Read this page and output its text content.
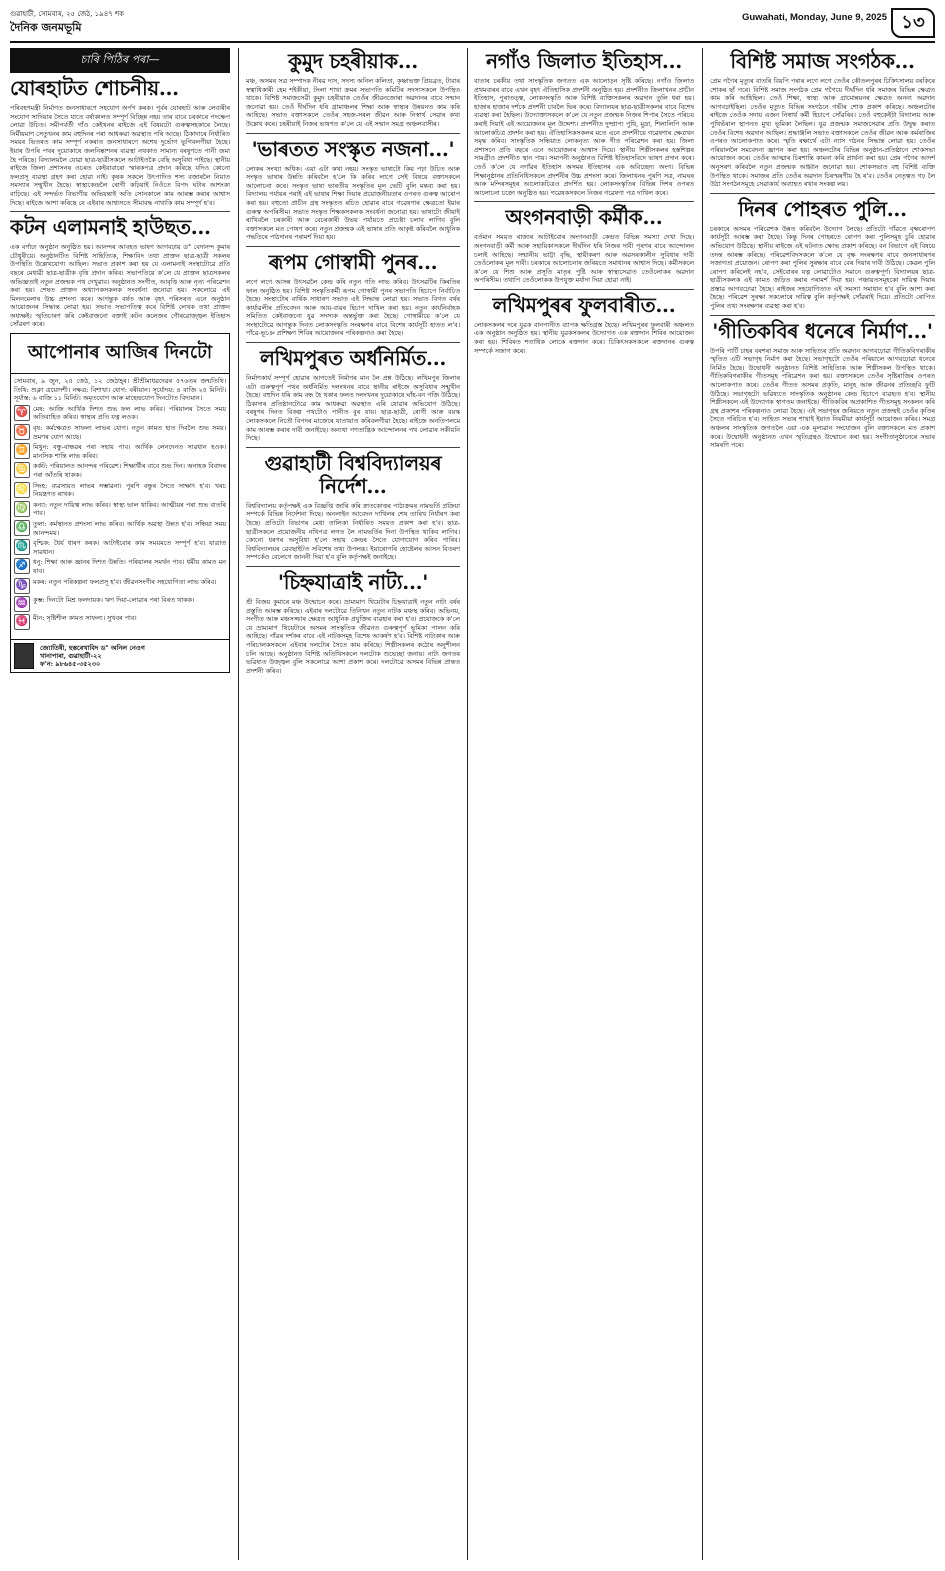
গুৱাহাটী, সোমবাৰ, ২৫ জেঠ, ১৯৪৭ শক
দৈনিক জনমভূমি
Guwahati, Monday, June 9, 2025 ১৩
চাৰি পিঠিৰ পৰা—
যোৰহাটত শোচনীয়...

পৰিবহণমন্ত্ৰী নিৰ্মাণত জনসাধাৰণে সহযোগ অৰ্পণ কৰক। পূৰ্বৰ যোৰহাট আৰু লেবাৰীৰ সংযোগ সাদিয়াৰ সৈতে যাতে বৰ্ষাকালত সম্পূৰ্ণ বিচ্ছিন্ন নহয় তাৰ বাবে চৰকাৰে পদক্ষেপ লোৱা উচিত। সমীপৰ্বৰ্তী গাঁও কেইখনৰ ৰাইজে এই বিষয়টো গুৰুত্বসহকাৰে লৈছে। নিৰ্মীয়মাণ সেতুখনৰ কাম বহুদিনৰ পৰা আধৰুৱা অৱস্থাত পৰি আছে। ঠিকাদাৰে নিৰ্ধাৰিত সময়ৰ ভিতৰত কাম সম্পূৰ্ণ নকৰাত জনসাধাৰণে অশেষ দুৰ্ভোগ ভুগিবলগীয়া হৈছে। ইয়াৰ উপৰি পথৰ দুয়োকাষে জলনিষ্কাশনৰ ব্যৱস্থা নথকাত সামান্য বৰষুণতে পানী জমা হৈ পৰিছে। বিদ্যালয়লৈ যোৱা ছাত্ৰ-ছাত্ৰীসকলে আটাইতকৈ বেছি অসুবিধা পাইছে। স্থানীয় ৰাইজে জিলা প্ৰশাসনৰ ওচৰত কেইবাবাৰো স্মাৰকপত্ৰ প্ৰদান কৰিছে যদিও কোনো ফলপ্ৰসূ ব্যৱস্থা গ্ৰহণ কৰা হোৱা নাই। কৃষক সকলে উৎপাদিত শস্য বজাৰলৈ নিয়াত সমস্যাৰ সন্মুখীন হৈছে। স্বাস্থ্যকেন্দ্ৰলৈ ৰোগী কঢ়িয়াই নিওঁতে বিপদ ঘটাৰ আশংকা বাঢ়িছে। এই সন্দৰ্ভত বিভাগীয় অভিযন্তাই অতি সোনকালে কাম আৰম্ভ কৰাৰ আশ্বাস দিছে। ৰাইজে আশা কৰিছে যে এইবাৰ আশ্বাসতে সীমাবদ্ধ নাথাকি কাম সম্পূৰ্ণ হ'ব।

কটন এলামনাই হাউছত...

এক বৰ্ণাঢ্য অনুষ্ঠান অনুষ্ঠিত হয়। আনন্দৰ আবহত ভাষণ আগবঢ়ায় ড° বেদানন্দ কুমাৰ চৌধুৰীয়ে। অনুষ্ঠানটিত বিশিষ্ট সাহিত্যিক, শিক্ষাবিদ তথা প্ৰাক্তন ছাত্ৰ-ছাত্ৰী সকলৰ উপস্থিতি উল্লেখযোগ্য আছিল। সভাত প্ৰকাশ কৰা হয় যে এলামনাই সংস্থাটোৱে প্ৰতি বছৰে মেধাৱী ছাত্ৰ-ছাত্ৰীক বৃত্তি প্ৰদান কৰিব। সভাপতিয়ে ক'লে যে প্ৰাক্তন ছাত্ৰসকলৰ অভিজ্ঞতাই নতুন প্ৰজন্মক পথ দেখুৱাব। অনুষ্ঠানত সংগীত, আবৃত্তি আৰু নৃত্য পৰিৱেশন কৰা হয়। শেষত প্ৰাক্তন অধ্যাপকসকলক সংবৰ্ধনা জনোৱা হয়। সকলোৱে এই মিলনমেলাৰ উচ্চ প্ৰশংসা কৰে। আগন্তুক বৰ্ষত আৰু বৃহৎ পৰিসৰত এনে অনুষ্ঠান আয়োজনৰ সিদ্ধান্ত লোৱা হয়। সভাত সভাপতিত্ব কৰে বিশিষ্ট লেখক তথা প্ৰাক্তন অধ্যক্ষই। স্মৃতিচাৰণ কৰি কেইবাজনো বক্তাই কটন কলেজৰ গৌৰৱোজ্জ্বল ইতিহাস সোঁৱৰণ কৰে।

আপোনাৰ আজিৰ দিনটো

সোমবাৰ, ৯ জুন, ২৫ জেঠ, ১২ জেঠাহ্‌ৰ। শ্ৰীশ্ৰীমাধৱদেৱৰ ৫৭৬তম জন্মতিথি। তিথি: শুক্লা ত্ৰয়োদশী। নক্ষত্ৰ: বিশাখা। যোগ: বৰীয়ান। সূৰ্যোদয়: ৪ বাজি ২৫ মিনিট। সূৰ্যাস্ত: ৬ বাজি ১১ মিনিট। অমৃতযোগ আৰু মাহেন্দ্ৰযোগ দিনটোত বিদ্যমান।

♈ মেষ: আজি আৰ্থিক দিশত শুভ ফল লাভ কৰিব। পৰিয়ালৰ সৈতে সময় অতিবাহিত কৰিব। স্বাস্থ্যৰ প্ৰতি যত্ন লওক।

♉ বৃষ: কৰ্মক্ষেত্ৰত সাফল্য লাভৰ যোগ। নতুন কামত হাত দিবলৈ শুভ সময়। ভ্ৰমণৰ যোগ আছে।

♊ মিথুন: বন্ধু-বান্ধৱৰ পৰা সহায় পাব। আৰ্থিক লেনদেনত সাৱধান হওক। মানসিক শান্তি লাভ কৰিব।

♋ কৰ্কট: পৰিয়ালত আনন্দৰ পৰিৱেশ। শিক্ষাৰ্থীৰ বাবে শুভ দিন। অনাহক বিবাদৰ পৰা আঁতৰি থাকক।

♌ সিংহ: ব্যৱসায়ত লাভৰ সম্ভাৱনা। পুৰণি বন্ধুৰ সৈতে সাক্ষাৎ হ'ব। খৰচ নিয়ন্ত্ৰণত ৰাখক।

♍ কন্যা: নতুন দায়িত্ব লাভ কৰিব। স্বাস্থ্য ভাল থাকিব। আত্মীয়ৰ পৰা শুভ বাতৰি পাব।

♎ তুলা: কৰ্মস্থানত প্ৰশংসা লাভ কৰিব। আৰ্থিক অৱস্থা উন্নত হ'ব। সন্ধিয়া সময় আনন্দময়।

♏ বৃশ্চিক: ধৈৰ্য ধাৰণ কৰক। আটাইবোৰ কাম সময়মতে সম্পূৰ্ণ হ'ব। যাত্ৰাত সাৱধান।

♐ ধনু: শিক্ষা আৰু জ্ঞানৰ দিশত উন্নতি। পৰিয়ালৰ সমৰ্থন পাব। ধৰ্মীয় কামত মন যাব।

♑ মকৰ: নতুন পৰিকল্পনা ফলপ্ৰসূ হ'ব। জীৱনসংগীৰ সহযোগিতা লাভ কৰিব।

♒ কুম্ভ: দিনটো মিশ্ৰ ফলদায়ক। ঋণ দিয়া-লোৱাৰ পৰা বিৰত থাকক।

♓ মীন: সৃষ্টিশীল কামত সাফল্য। সুখবৰ পাব।

জ্যোতিষী, হস্তৰেখাবিদ ড° অনিল নেওগ
খানাপাৰা, গুৱাহাটী-২২
ফ'ন: ৯৮৬৪৫-৩৫২৩০
কুমুদ চহৰীয়াক...

মঞ্চ, অসমৰ সত্ৰ সম্পাদক নীৰৱ দাস, সদস্য অনিল কলিতা, কৃষ্ণাভক্ত প্ৰিয়ব্ৰত, টাবাৰ স্বত্বাধিকাৰী হেম শইকীয়া, টংলা শাখা ক্ৰমৰ সভাপতি কমিটিৰ সদস্যসকলে উপস্থিত থাকে। বিশিষ্ট সমাজসেৱী কুমুদ চহৰীয়াক তেওঁৰ জীৱনজোৰা অৱদানৰ বাবে সন্মান জনোৱা হয়। তেওঁ দীৰ্ঘদিন ধৰি গ্ৰামাঞ্চলৰ শিক্ষা আৰু স্বাস্থ্যৰ উন্নয়নত কাম কৰি আহিছে। সভাত বক্তাসকলে তেওঁৰ সহজ-সৰল জীৱন আৰু নিস্বাৰ্থ সেৱাৰ কথা উল্লেখ কৰে। চহৰীয়াই নিজৰ ভাষণত ক'লে যে এই সন্মান সমগ্ৰ অঞ্চলবাসীৰ।

'ভাৰতত সংস্কৃত নজনা...'

লোকৰ সংখ্যা অধিক। এয়া এটা কথা নহয়। সংস্কৃত ভাষাটো কিয় পঢ়া উচিত আৰু সংস্কৃত ভাষাৰ উন্নতি কৰিবলৈ হ'লে কি কৰিব লাগে সেই বিষয়ে বক্তাসকলে আলোচনা কৰে। সংস্কৃত ভাষা ভাৰতীয় সংস্কৃতিৰ মূল ভেটি বুলি মন্তব্য কৰা হয়। বিদ্যালয় পৰ্যায়ৰ পৰাই এই ভাষাৰ শিক্ষা দিয়াৰ প্ৰয়োজনীয়তাৰ ওপৰত গুৰুত্ব আৰোপ কৰা হয়। বহুতো প্ৰাচীন গ্ৰন্থ সংস্কৃতত ৰচিত হোৱাৰ বাবে গৱেষণাৰ ক্ষেত্ৰতো ইয়াৰ গুৰুত্ব অপৰিসীম। সভাত সংস্কৃত শিক্ষকসকলক সংবৰ্ধনা জনোৱা হয়। ভাষাটো জীয়াই ৰাখিবলৈ চৰকাৰী আৰু বেচৰকাৰী উভয় পৰ্যায়তে প্ৰচেষ্টা চলাব লাগিব বুলি বক্তাসকলে মত পোষণ কৰে। নতুন প্ৰজন্মক এই ভাষাৰ প্ৰতি আকৃষ্ট কৰিবলৈ আধুনিক পদ্ধতিৰে পাঠদানৰ পৰামৰ্শ দিয়া হয়।

ৰূপম গোস্বামী পুনৰ...

লগে লগে আসন্ন উৎসৱলৈ কেন্দ্ৰ কৰি নতুন গতি লাভ কৰিব। উৎসৱটিৰ কিৰতিৰ ফাল অনুষ্ঠিত হয়। বিশিষ্ট সংস্কৃতিকৰ্মী ৰূপম গোস্বামী পুনৰ সভাপতি হিচাপে নিৰ্বাচিত হৈছে। সংস্থাটোৰ বাৰ্ষিক সাধাৰণ সভাত এই সিদ্ধান্ত লোৱা হয়। সভাত বিগত বৰ্ষৰ কাৰ্যাৱলীৰ প্ৰতিবেদন আৰু আয়-ব্যয়ৰ হিচাপ দাখিল কৰা হয়। নতুন কাৰ্যনিৰ্বাহক সমিতিত কেইবাজনো যুৱ সদস্যক অন্তৰ্ভুক্ত কৰা হৈছে। গোস্বামীয়ে ক'লে যে সংস্থাটোৱে আগন্তুক দিনত লোকসংস্কৃতি সংৰক্ষণৰ বাবে বিশেষ কাৰ্যসূচী হাতত ল'ব। গাঁৱে-ভূঞে প্ৰশিক্ষণ শিবিৰ আয়োজনৰ পৰিকল্পনাও কৰা হৈছে।

লখিমপুৰত অৰ্ধনিৰ্মিত...

নিৰ্মাণকাৰ্য সম্পূৰ্ণ হোৱাৰ আগতেই নিৰ্মাণৰ মান লৈ প্ৰশ্ন উঠিছে। লখিমপুৰ জিলাৰ এটা গুৰুত্বপূৰ্ণ পথৰ অৰ্ধনিৰ্মিত দলংখনৰ বাবে স্থানীয় ৰাইজে অসুবিধাৰ সন্মুখীন হৈছে। বহুদিন ধৰি কাম বন্ধ হৈ থকাৰ ফলত দলংখনৰ দুয়োকাষে ঘাঁহ-বন গজি উঠিছে। ঠিকাদাৰ প্ৰতিষ্ঠানটোৱে কাম আধৰুৱা অৱস্থাত এৰি যোৱাৰ অভিযোগ উঠিছে। বৰষুণৰ দিনত বিকল্প পথটোও পানীত বুৰ যায়। ছাত্ৰ-ছাত্ৰী, ৰোগী আৰু বয়স্ক লোকসকলে নিতৌ বিপদৰ মাজেৰে যাতায়াত কৰিবলগীয়া হৈছে। ৰাইজে অনতিপলমে কাম আৰম্ভ কৰাৰ দাবী জনাইছে। অন্যথা গণতান্ত্ৰিক আন্দোলনৰ পথ লোৱাৰ সকীয়নি দিছে।

গুৱাহাটী বিশ্ববিদ্যালয়ৰ নিৰ্দেশ...

বিশ্ববিদ্যালয় কৰ্তৃপক্ষই এক বিজ্ঞপ্তি জাৰি কৰি স্নাতকোত্তৰ পাঠ্যক্ৰমৰ নামভৰ্তি প্ৰক্ৰিয়া সম্পৰ্কে বিভিন্ন নিৰ্দেশনা দিছে। অনলাইন আবেদন দাখিলৰ শেষ তাৰিখ নিৰ্ধাৰণ কৰা হৈছে। প্ৰতিটো বিভাগৰ মেধা তালিকা নিৰ্ধাৰিত সময়ত প্ৰকাশ কৰা হ'ব। ছাত্ৰ-ছাত্ৰীসকলে প্ৰয়োজনীয় নথিপত্ৰ লগত লৈ নামভৰ্তিৰ দিনা উপস্থিত থাকিব লাগিব। কোনো ধৰণৰ অসুবিধা হ'লে সহায় কেন্দ্ৰৰ সৈতে যোগাযোগ কৰিব পাৰিব। বিশ্ববিদ্যালয়ৰ ৱেবছাইটত সবিশেষ তথ্য উপলব্ধ। ইয়াৰোপৰি হোষ্টেলৰ আসন বিতৰণ সম্পৰ্কেও বেলেগে জাননী দিয়া হ'ব বুলি কৰ্তৃপক্ষই জনাইছে।

'চিহ্নযাত্ৰাই নাট্য...'

শ্ৰী বিজয় কুমাৰে মঞ্চ উন্মোচন কৰে। ভ্ৰাম্যমাণ থিয়েটাৰ চিহ্নযাত্ৰাই নতুন নাট্য বৰ্ষৰ প্ৰস্তুতি আৰম্ভ কৰিছে। এইবাৰ দলটোৱে তিনিখন নতুন নাটক মঞ্চস্থ কৰিব। অভিনয়, সংগীত আৰু মঞ্চসজ্জাৰ ক্ষেত্ৰত আধুনিক প্ৰযুক্তিৰ ব্যৱহাৰ কৰা হ'ব। প্ৰযোজকে ক'লে যে ভ্ৰাম্যমাণ থিয়েটাৰে অসমৰ সাংস্কৃতিক জীৱনত গুৰুত্বপূৰ্ণ ভূমিকা পালন কৰি আহিছে। গাঁৱৰ দৰ্শকৰ বাবে এই নাটকসমূহ বিশেষ আকৰ্ষণ হ'ব। বিশিষ্ট নাট্যকাৰ আৰু পৰিচালকসকলে এইবাৰ দলটোৰ সৈতে কাম কৰিছে। শিল্পীসকলৰ কঠোৰ অনুশীলন চলি আছে। অনুষ্ঠানত বিশিষ্ট অতিথিসকলে দলটোক শুভেচ্ছা জনায়। নাট্য জগতৰ ভৱিষ্যত উজ্জ্বল বুলি সকলোৱে আশা প্ৰকাশ কৰে। দলটোৱে অসমৰ বিভিন্ন প্ৰান্তত প্ৰদৰ্শনী কৰিব।

নগাঁও জিলাত ইতিহাস...

বাতাৰ চৰকীয় তথা সাংস্কৃতিক জগতত এক আলোড়ন সৃষ্টি কৰিছে। নগাঁও জিলাত প্ৰথমবাৰৰ বাবে এখন বৃহৎ ঐতিহাসিক প্ৰদৰ্শনী অনুষ্ঠিত হয়। প্ৰদৰ্শনীত জিলাখনৰ প্ৰাচীন ইতিহাস, পুৰাতত্ত্ব, লোকসংস্কৃতি আৰু বিশিষ্ট ব্যক্তিসকলৰ অৱদান তুলি ধৰা হয়। হাজাৰ হাজাৰ দৰ্শকে প্ৰদৰ্শনী চাবলৈ ভিৰ কৰে। বিদ্যালয়ৰ ছাত্ৰ-ছাত্ৰীসকলৰ বাবে বিশেষ ব্যৱস্থা কৰা হৈছিল। উদ্যোক্তাসকলে ক'লে যে নতুন প্ৰজন্মক নিজৰ শিপাৰ সৈতে পৰিচয় কৰাই দিয়াই এই আয়োজনৰ মূল উদ্দেশ্য। প্ৰদৰ্শনীত দুষ্প্ৰাপ্য পুথি, মুদ্ৰা, শিলালিপি আৰু আলোকচিত্ৰ প্ৰদৰ্শন কৰা হয়। ঐতিহাসিকসকলৰ মতে এনে প্ৰদৰ্শনীয়ে গৱেষণাৰ ক্ষেত্ৰখন সমৃদ্ধ কৰিব। সাংস্কৃতিক সন্ধিয়াত লোকনৃত্য আৰু গীত পৰিৱেশন কৰা হয়। জিলা প্ৰশাসনে প্ৰতি বছৰে এনে আয়োজনৰ আশ্বাস দিয়ে। স্থানীয় শিল্পীসকলৰ হস্তশিল্পৰ সামগ্ৰীও প্ৰদৰ্শনীত স্থান পায়। সমাপনী অনুষ্ঠানত বিশিষ্ট ইতিহাসবিদে ভাষণ প্ৰদান কৰে। তেওঁ ক'লে যে নগাঁৱৰ ইতিহাস অসমৰ ইতিহাসৰ এক অবিচ্ছেদ্য অংগ। বিভিন্ন শিক্ষানুষ্ঠানৰ প্ৰতিনিধিসকলে প্ৰদৰ্শনীৰ উচ্চ প্ৰশংসা কৰে। জিলাখনৰ পুৰণি সত্ৰ, নামঘৰ আৰু মন্দিৰসমূহৰ আলোকচিত্ৰও প্ৰদৰ্শিত হয়। লোকসংস্কৃতিৰ বিভিন্ন দিশৰ ওপৰত আলোচনা চক্ৰো অনুষ্ঠিত হয়। গৱেষকসকলে নিজৰ গৱেষণা পত্ৰ দাখিল কৰে।

অংগনবাড়ী কৰ্মীক...

বৰ্তমান সময়ত ৰাজ্যৰ আটাইবোৰ অংগনবাড়ী কেন্দ্ৰত বিভিন্ন সমস্যা দেখা দিছে। অংগনবাড়ী কৰ্মী আৰু সহায়িকাসকলে দীৰ্ঘদিন ধৰি নিজৰ দাবী পূৰণৰ বাবে আন্দোলন চলাই আহিছে। সন্মানীয় ভাট্টা বৃদ্ধি, স্থায়ীকৰণ আৰু অৱসৰকালীন সুবিধাৰ দাবী তেওঁলোকৰ মূল দাবী। চৰকাৰে আলোচনাৰ জৰিয়তে সমাধানৰ আশ্বাস দিছে। কৰ্মীসকলে ক'লে যে শিশু আৰু প্ৰসূতি মাতৃৰ পুষ্টি আৰু স্বাস্থ্যসেৱাত তেওঁলোকৰ অৱদান অপৰিসীম। তথাপি তেওঁলোকক উপযুক্ত মৰ্যাদা দিয়া হোৱা নাই।

লখিমপুৰৰ ফুলবাৰীত...

লোকসকলৰ দৰে যুৱক বানপানীত ব্যাপক ক্ষতিগ্ৰস্ত হৈছে। লখিমপুৰৰ ফুলবাৰী অঞ্চলত এক অনুষ্ঠান অনুষ্ঠিত হয়। স্থানীয় যুৱকসকলৰ উদ্যোগত এক ৰক্তদান শিবিৰ আয়োজন কৰা হয়। শিবিৰত শতাধিক লোকে ৰক্তদান কৰে। চিকিৎসকসকলে ৰক্তদানৰ গুৰুত্ব সম্পৰ্কে সজাগ কৰে।

বিশিষ্ট সমাজ সংগঠক...

প্ৰেম গগৈৰ মৃত্যুৰ বাতৰি বিয়পি পৰাৰ লগে লগে তেওঁৰ কৌতলপুৰৰ চিকিৎসালয় বৰকিৰে শোকৰ ছাঁ পৰে। বিশিষ্ট সমাজ সংগঠক প্ৰেম গগৈয়ে দীৰ্ঘদিন ধৰি সমাজৰ বিভিন্ন ক্ষেত্ৰত কাম কৰি আহিছিল। তেওঁ শিক্ষা, স্বাস্থ্য আৰু গ্ৰামোন্নয়নৰ ক্ষেত্ৰত অনন্য অৱদান আগবঢ়াইছিল। তেওঁৰ মৃত্যুত বিভিন্ন সংগঠনে গভীৰ শোক প্ৰকাশ কৰিছে। অঞ্চলটোৰ ৰাইজে তেওঁক সদায় এজন নিস্বাৰ্থ কৰ্মী হিচাপে সোঁৱৰিব। তেওঁ বহুকেইটা বিদ্যালয় আৰু পুথিভঁৰাল স্থাপনত মুখ্য ভূমিকা লৈছিল। যুৱ প্ৰজন্মক সমাজসেৱাৰ প্ৰতি উদ্বুদ্ধ কৰাত তেওঁৰ বিশেষ অৱদান আছিল। শ্ৰদ্ধাঞ্জলি সভাত বক্তাসকলে তেওঁৰ জীৱন আৰু কৰ্মৰাজিৰ ওপৰত আলোকপাত কৰে। স্মৃতি ৰক্ষাৰ্থে এটা ন্যাস গঠনৰ সিদ্ধান্ত লোৱা হয়। তেওঁৰ পৰিয়াললৈ সমবেদনা জ্ঞাপন কৰা হয়। অঞ্চলটোৰ বিভিন্ন অনুষ্ঠান-প্ৰতিষ্ঠানে শোকসভা আয়োজন কৰে। তেওঁৰ আত্মাৰ চিৰশান্তি কামনা কৰি প্ৰাৰ্থনা কৰা হয়। প্ৰেম গগৈৰ আদৰ্শ অনুসৰণ কৰিবলৈ নতুন প্ৰজন্মক আহ্বান জনোৱা হয়। শোকসভাত বহু বিশিষ্ট ব্যক্তি উপস্থিত থাকে। সমাজৰ প্ৰতি তেওঁৰ অৱদান চিৰস্মৰণীয় হৈ ৰ'ব। তেওঁৰ নেতৃত্বত গঢ় লৈ উঠা সংগঠনসমূহে সেৱাকাৰ্য অব্যাহত ৰখাৰ সংকল্প লয়।

দিনৰ পোহৰত পুলি...

চৰকাৰে অসমৰ পৰিৱেশক উন্নত কৰিবলৈ উদ্যোগ লৈছে। প্ৰতিটো গাঁৱতে বৃক্ষৰোপণ কাৰ্যসূচী আৰম্ভ কৰা হৈছে। কিন্তু দিনৰ পোহৰতে ৰোপণ কৰা পুলিসমূহ চুৰি হোৱাৰ অভিযোগ উঠিছে। স্থানীয় ৰাইজে এই ঘটনাত ক্ষোভ প্ৰকাশ কৰিছে। বন বিভাগে এই বিষয়ে তদন্ত আৰম্ভ কৰিছে। পৰিৱেশবিদসকলে ক'লে যে বৃক্ষ সংৰক্ষণৰ বাবে জনসাধাৰণৰ সজাগতা প্ৰয়োজন। ৰোপণ কৰা পুলিৰ সুৰক্ষাৰ বাবে বেৰ দিয়াৰ দাবী উঠিছে। কেৱল পুলি ৰোপণ কৰিলেই নহ'ব, সেইবোৰৰ যত্ন লোৱাটোও সমানে গুৰুত্বপূৰ্ণ। বিদ্যালয়ৰ ছাত্ৰ-ছাত্ৰীসকলক এই কামত জড়িত কৰাৰ পৰামৰ্শ দিয়া হয়। পঞ্চায়তসমূহকো দায়িত্ব দিয়াৰ প্ৰস্তাৱ আগবঢ়োৱা হৈছে। ৰাইজৰ সহযোগিতাত এই সমস্যা সমাধান হ'ব বুলি আশা কৰা হৈছে। পৰিৱেশ সুৰক্ষা সকলোৰে দায়িত্ব বুলি কৰ্তৃপক্ষই সোঁৱৰাই দিয়ে। প্ৰতিটো ৰোপিত পুলিৰ তথ্য সংৰক্ষণৰ ব্যৱস্থা কৰা হ'ব।

'গীতিকবিৰ ধনেৰে নিৰ্মাণ...'

উপৰি পাৰ্টি চাহৰ বৰশৰা সমাজ আৰু সাহিত্যৰ প্ৰতি অৱদান আগবঢ়োৱা গীতিকবিগৰাকীৰ স্মৃতিত এটি সভাগৃহ নিৰ্মাণ কৰা হৈছে। সভাগৃহটো তেওঁৰ পৰিয়ালে আগবঢ়োৱা ধনেৰে নিৰ্মিত হৈছে। উদ্বোধনী অনুষ্ঠানত বিশিষ্ট সাহিত্যিক আৰু শিল্পীসকল উপস্থিত থাকে। গীতিকবিগৰাকীৰ গীতসমূহ পৰিৱেশন কৰা হয়। বক্তাসকলে তেওঁৰ সৃষ্টিৰাজিৰ ওপৰত আলোকপাত কৰে। তেওঁৰ গীতত অসমৰ প্ৰকৃতি, মানুহ আৰু জীৱনৰ প্ৰতিচ্ছবি ফুটি উঠিছে। সভাগৃহটো ভৱিষ্যতে সাংস্কৃতিক অনুষ্ঠানৰ কেন্দ্ৰ হিচাপে ব্যৱহৃত হ'ব। স্থানীয় শিল্পীসকলে এই উদ্যোগক স্বাগতম জনাইছে। গীতিকবিৰ অপ্ৰকাশিত গীতসমূহ সংকলন কৰি গ্ৰন্থ প্ৰকাশৰ পৰিকল্পনাও লোৱা হৈছে। এই সভাগৃহৰ জৰিয়তে নতুন প্ৰজন্মই তেওঁৰ কৃতিৰ সৈতে পৰিচিত হ'ব। সাহিত্য সভাৰ শাখাই ইয়াত নিয়মীয়া কাৰ্যসূচী আয়োজন কৰিব। সমগ্ৰ অঞ্চলৰ সাংস্কৃতিক জগতলৈ এয়া এক মূল্যৱান সংযোজন বুলি বক্তাসকলে মত প্ৰকাশ কৰে। উদ্বোধনী অনুষ্ঠানত এখন স্মৃতিগ্ৰন্থও উন্মোচন কৰা হয়। সংগীতানুষ্ঠানেৰে সভাৰ সামৰণি পৰে।
